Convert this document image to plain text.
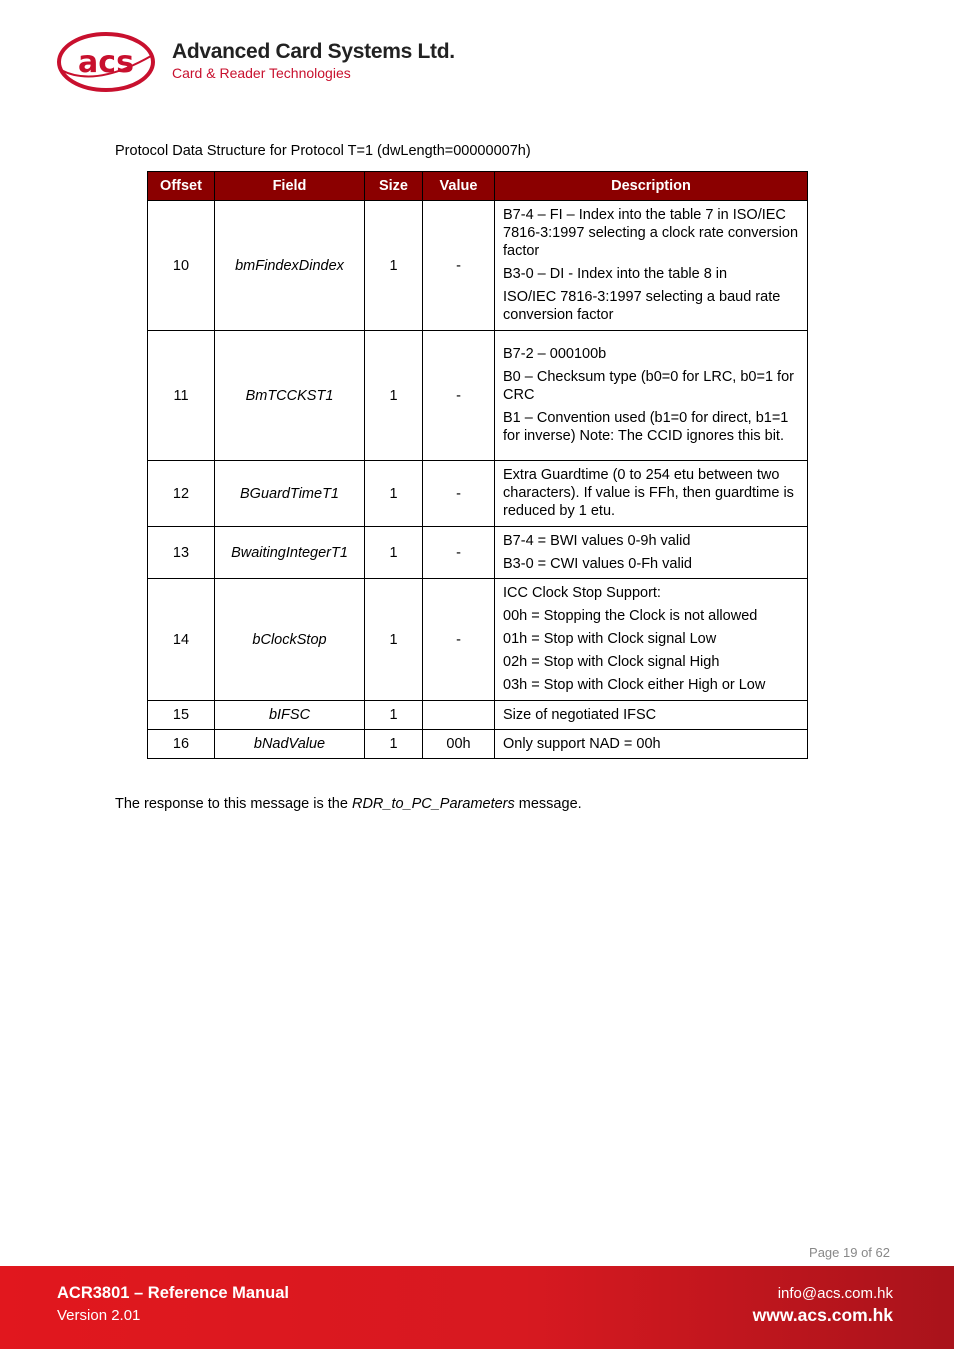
acs Advanced Card Systems Ltd.
Card & Reader Technologies
Protocol Data Structure for Protocol T=1 (dwLength=00000007h)
Offset	Field	Size	Value	Description
10	bmFindexDindex	1	-	B7-4 – FI – Index into the table 7 in ISO/IEC 7816-3:1997 selecting a clock rate conversion factor
B3-0 – DI - Index into the table 8 in
ISO/IEC 7816-3:1997 selecting a baud rate conversion factor

11	BmTCCKST1	1	-	B7-2 – 000100b
B0 – Checksum type (b0=0 for LRC, b0=1 for CRC
B1 – Convention used (b1=0 for direct, b1=1 for inverse) Note: The CCID ignores this bit.

12	BGuardTimeT1	1	-	Extra Guardtime (0 to 254 etu between two characters). If value is FFh, then guardtime is reduced by 1 etu.

13	BwaitingIntegerT1	1	-	B7-4 = BWI values 0-9h valid
B3-0 = CWI values 0-Fh valid

14	bClockStop	1	-	ICC Clock Stop Support:
00h = Stopping the Clock is not allowed
01h = Stop with Clock signal Low
02h = Stop with Clock signal High
03h = Stop with Clock either High or Low

15	bIFSC	1		Size of negotiated IFSC

16	bNadValue	1	00h	Only support NAD = 00h
The response to this message is the RDR_to_PC_Parameters message.
Page 19 of 62
ACR3801 – Reference Manual
Version 2.01
info@acs.com.hk
www.acs.com.hk
